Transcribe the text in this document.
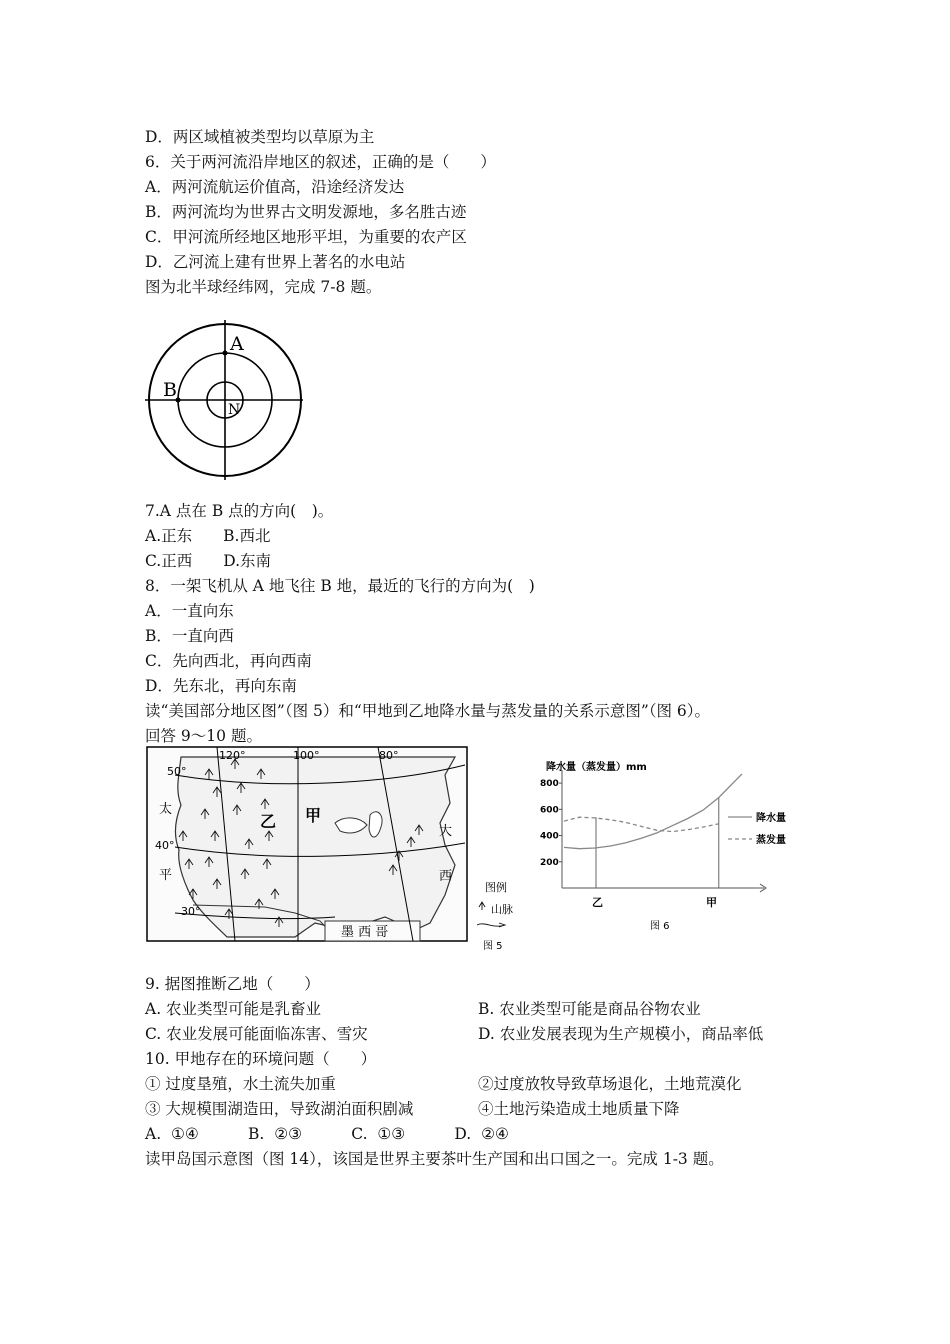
D．两区域植被类型均以草原为主
6．关于两河流沿岸地区的叙述，正确的是（　　）
A．两河流航运价值高，沿途经济发达
B．两河流均为世界古文明发源地，多名胜古迹
C．甲河流所经地区地形平坦，为重要的农产区
D．乙河流上建有世界上著名的水电站
图为北半球经纬网，完成 7-8 题。
A
B
N
7.A 点在 B 点的方向(　)。
A.正东　　B.西北
C.正西　　D.东南
8．一架飞机从 A 地飞往 B 地，最近的飞行的方向为(　)
A．一直向东
B．一直向西
C．先向西北，再向西南
D．先东北，再向东南
读“美国部分地区图”（图 5）和“甲地到乙地降水量与蒸发量的关系示意图”（图 6）。
回答 9～10 题。
120°	100°	80°
50°
40°
30°
太
平
大
西
乙 甲
墨 西 哥
图例
山脉
图 5
降水量（蒸发量）mm
800
600
400
200
乙	甲
图 6
降水量
蒸发量
9. 据图推断乙地（　　）
A. 农业类型可能是乳畜业	B. 农业类型可能是商品谷物农业
C. 农业发展可能面临冻害、雪灾	D. 农业发展表现为生产规模小，商品率低
10. 甲地存在的环境问题（　　）
① 过度垦殖，水土流失加重	②过度放牧导致草场退化，土地荒漠化
③ 大规模围湖造田，导致湖泊面积剧减	④土地污染造成土地质量下降
A.  ①④          B.  ②③          C.  ①③          D.  ②④
读甲岛国示意图（图 14），该国是世界主要茶叶生产国和出口国之一。完成 1-3 题。
